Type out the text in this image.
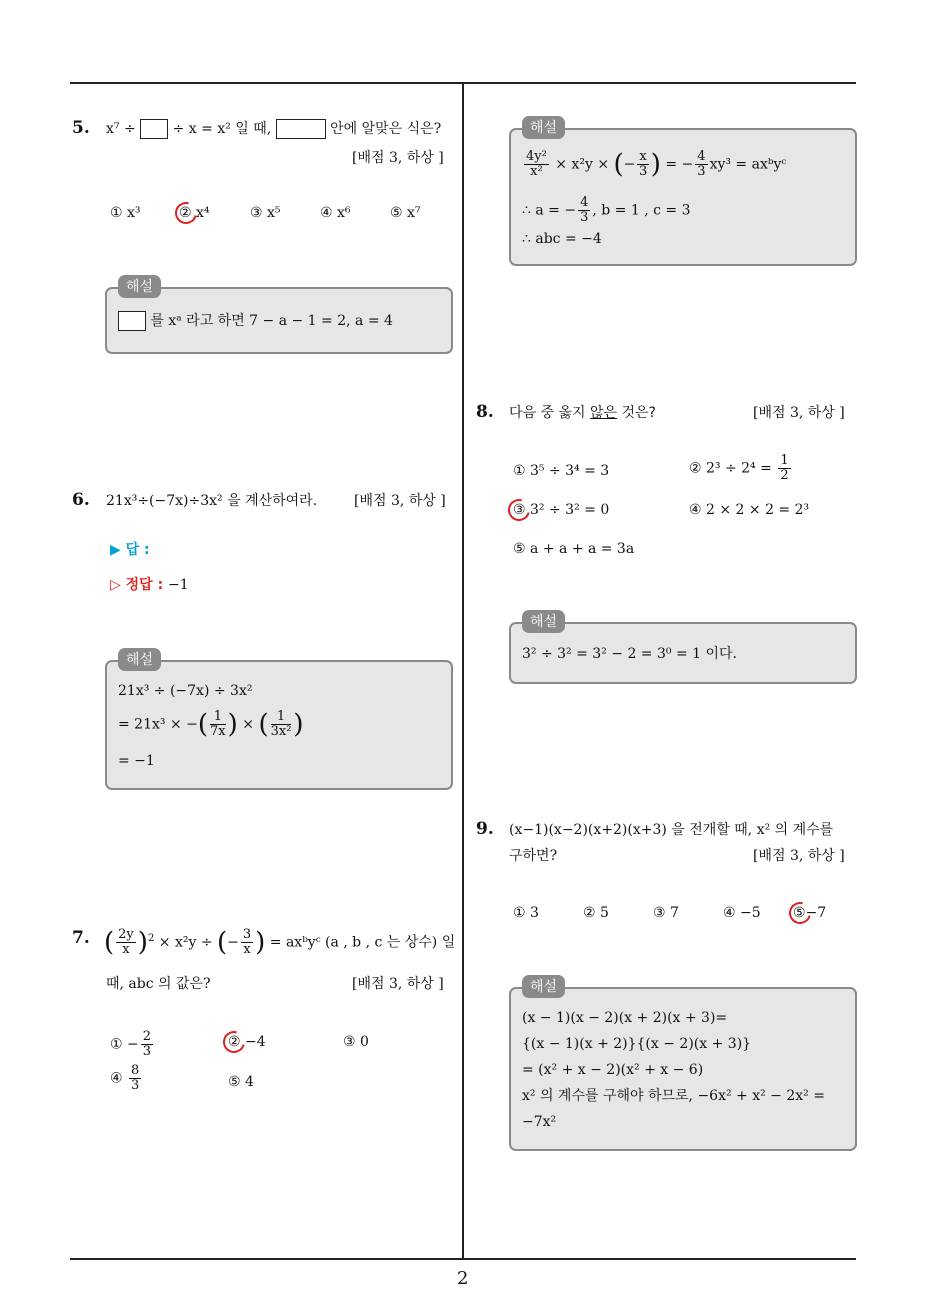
2
5. x⁷ ÷	÷ x = x² 일 때,	안에 알맞은 식은?
[배점 3, 하상 ]
① x³	② x⁴	③ x⁵	④ x⁶	⑤ x⁷
해설
를 xᵃ 라고 하면 7 − a − 1 = 2, a = 4
6. 21x³÷(−7x)÷3x² 을 계산하여라.	[배점 3, 하상 ]
▶ 답 :
▷ 정답 : −1
해설
21x³ ÷ (−7x) ÷ 3x²
= 21x³ × −( $\frac{1}{7x}$ ) × ( $\frac{1}{\text{3x²}}$ )
= −1
7. ( $\frac{2y}{x} )^2 \times x^2y$ ÷ (− $\frac{3}{x}$ ) = axᵇyᶜ (a , b , c 는 상수) 일
때, abc 의 값은?	[배점 3, 하상 ]
① − $\frac{2}{3}$	② −4	③ 0
④ $\frac{8}{3}$	⑤ 4
해설
$\frac{\text{4y²}}{\text{x²}} \times x^2y$ × (− $\frac{x}{3}$ ) = − $\frac{4}{3} xy^3$ = axᵇyᶜ
∴ a = − $\frac{4}{3}$ , b = 1 , c = 3
∴ abc = −4
8. 다음 중 옳지 않은 것은?	[배점 3, 하상 ]
① 3⁵ ÷ 3⁴ = 3	② $2^3 \div 2^4 = \frac{1}{2}$
③ 3² ÷ 3² = 0	④ 2 × 2 × 2 = 2³
⑤ a + a + a = 3a
해설
3² ÷ 3² = 3² − 2 = 3⁰ = 1 이다.
9. (x−1)(x−2)(x+2)(x+3) 을 전개할 때, x² 의 계수를
구하면?	[배점 3, 하상 ]
① 3	② 5	③ 7	④ −5 ⑤−7
해설
(x − 1)(x − 2)(x + 2)(x + 3)=
{(x − 1)(x + 2)}{(x − 2)(x + 3)}
= (x² + x − 2)(x² + x − 6)
x² 의 계수를 구해야 하므로, −6x² + x² − 2x² =
−7x²
